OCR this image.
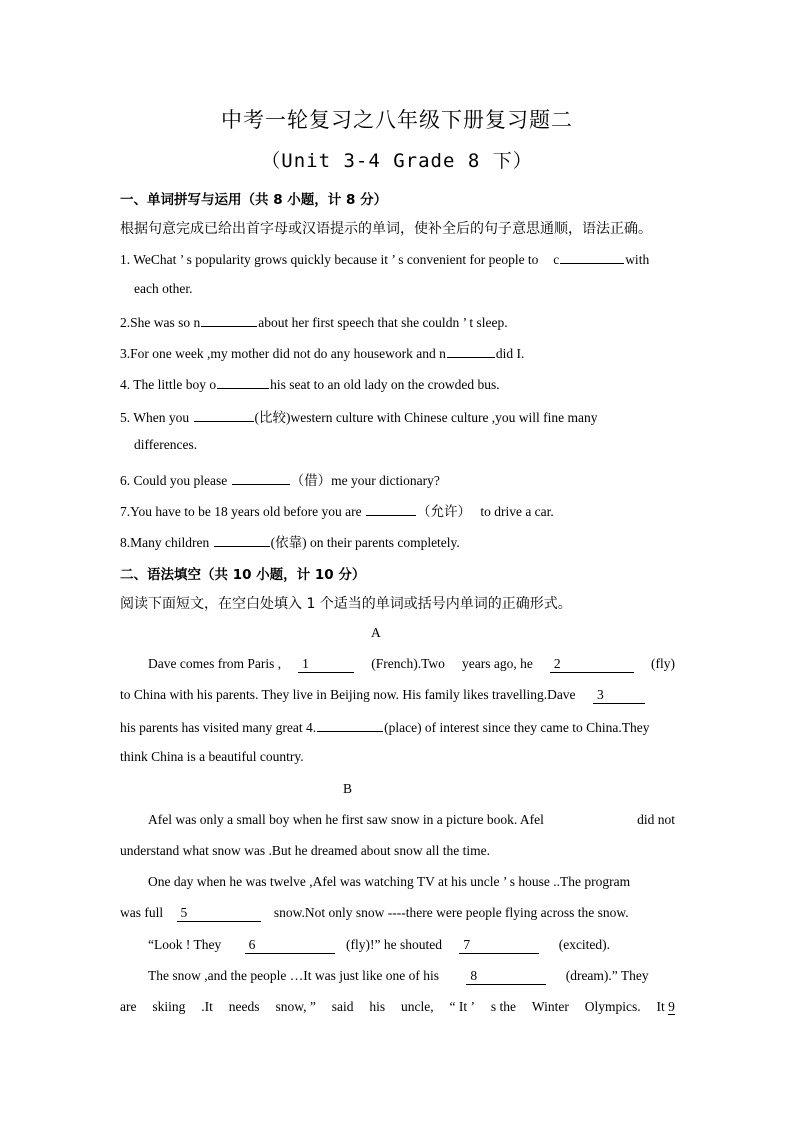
中考一轮复习之八年级下册复习题二
（Unit 3-4 Grade 8 下）
一、单词拼写与运用（共 8 小题，计 8 分）
根据句意完成已给出首字母或汉语提示的单词，使补全后的句子意思通顺，语法正确。
1. WeChat ’ s popularity grows quickly because it ’ s convenient for people to c	with
each other.
2.She was so n	about her first speech that she couldn ’ t sleep.
3.For one week ,my mother did not do any housework and n	did I.
4. The little boy o	his seat to an old lady on the crowded bus.
5. When you	(比较)western culture with Chinese culture ,you will fine many
differences.
6. Could you please	（借）me your dictionary?
7.You have to be 18 years old before you are	（允许） to drive a car.
8.Many children	(依靠) on their parents completely.
二、语法填空（共 10 小题，计 10 分）
阅读下面短文，在空白处填入 1 个适当的单词或括号内单词的正确形式。
A
Dave comes from Paris , 1	(French).Two years ago, he 2	(fly)
to China with his parents. They live in Beijing now. His family likes travelling.Dave 3
his parents has visited many great 4.	(place) of interest since they came to China.They
think China is a beautiful country.
B
Afel was only a small boy when he first saw snow in a picture book. Afel	did not
understand what snow was .But he dreamed about snow all the time.
One day when he was twelve ,Afel was watching TV at his uncle ’ s house ..The program
was full 5	snow.Not only snow ----there were people flying across the snow.
“Look ! They 6	(fly)!” he shouted 7	(excited).
The snow ,and the people …It was just like one of his 8	(dream).” They
are skiing .It needs snow, ” said his uncle, “ It ’ s the Winter Olympics. It 9
